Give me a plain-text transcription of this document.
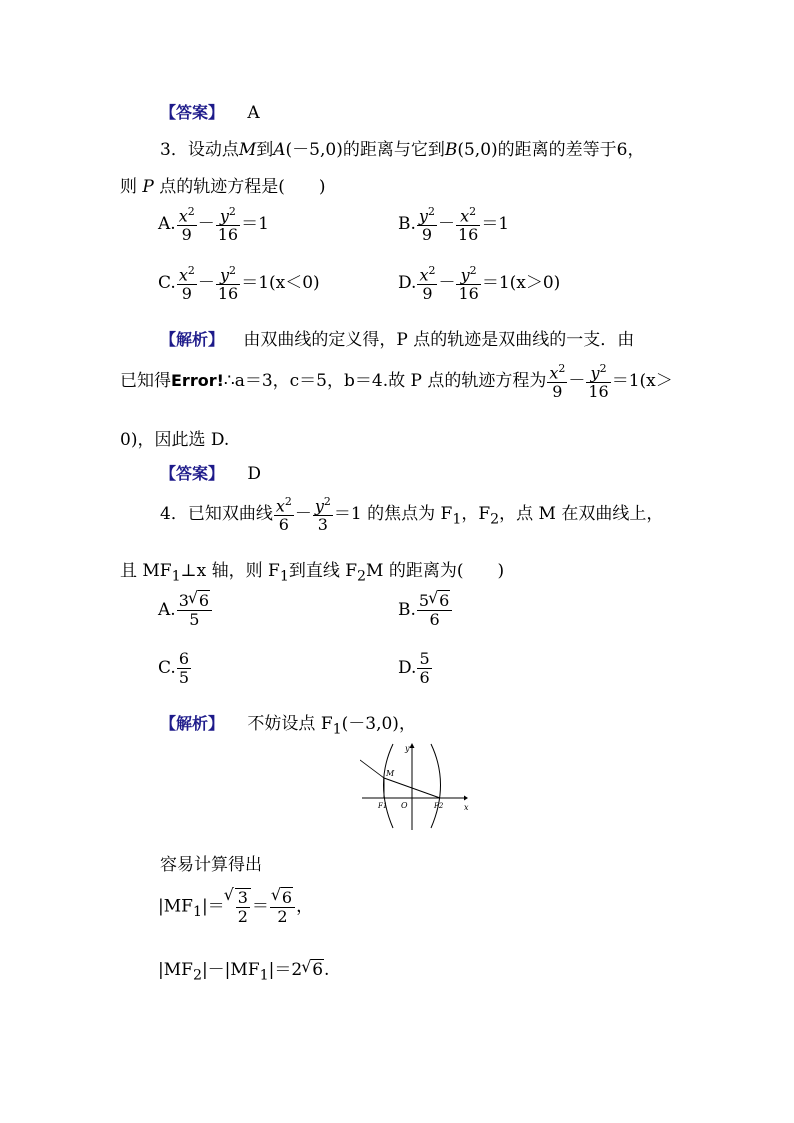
【答案】 A
3．设动点M到A(－5,0)的距离与它到B(5,0)的距离的差等于6，
则 P 点的轨迹方程是(　　)
A. $\frac{x^2}{9} - \frac{y^2}{16} =1$	B. $\frac{y^2}{9} - \frac{x^2}{16} =1$
C. $\frac{x^2}{9} - \frac{y^2}{16} =1(x<0)$	D. $\frac{x^2}{9} - \frac{y^2}{16} =1(x>0)$
【解析】 由双曲线的定义得，P 点的轨迹是双曲线的一支．由
已知得Error!∴a＝3，c＝5，b＝4.故 P 点的轨迹方程为 $\frac{x^2}{9} - \frac{y^2}{16} =1(x>$
0)，因此选 D.
【答案】 D
4．已知双曲线 $\frac{x^2}{6} - \frac{y^2}{3} =1$ 的焦点为 $F_1$，$F_2$，点 M 在双曲线上，
且 $MF_1\perp x$ 轴，则 $F_1$到直线 $F_2M$ 的距离为(　　)
A. $\frac{3√ 6}{5}$	B. $\frac{5√ 6}{6}$
C. $\frac{6}{5}$	D. $\frac{5}{6}$
【解析】 不妨设点 $F_1(-3,0)$，
y
x
M
F1 O	F2
容易计算得出
$|MF_1|=$
√ $\frac{3}{2}$ ＝
√ $\frac{6}{2}$ ，
$|MF_2|-|MF_1|=2√$ 6.
